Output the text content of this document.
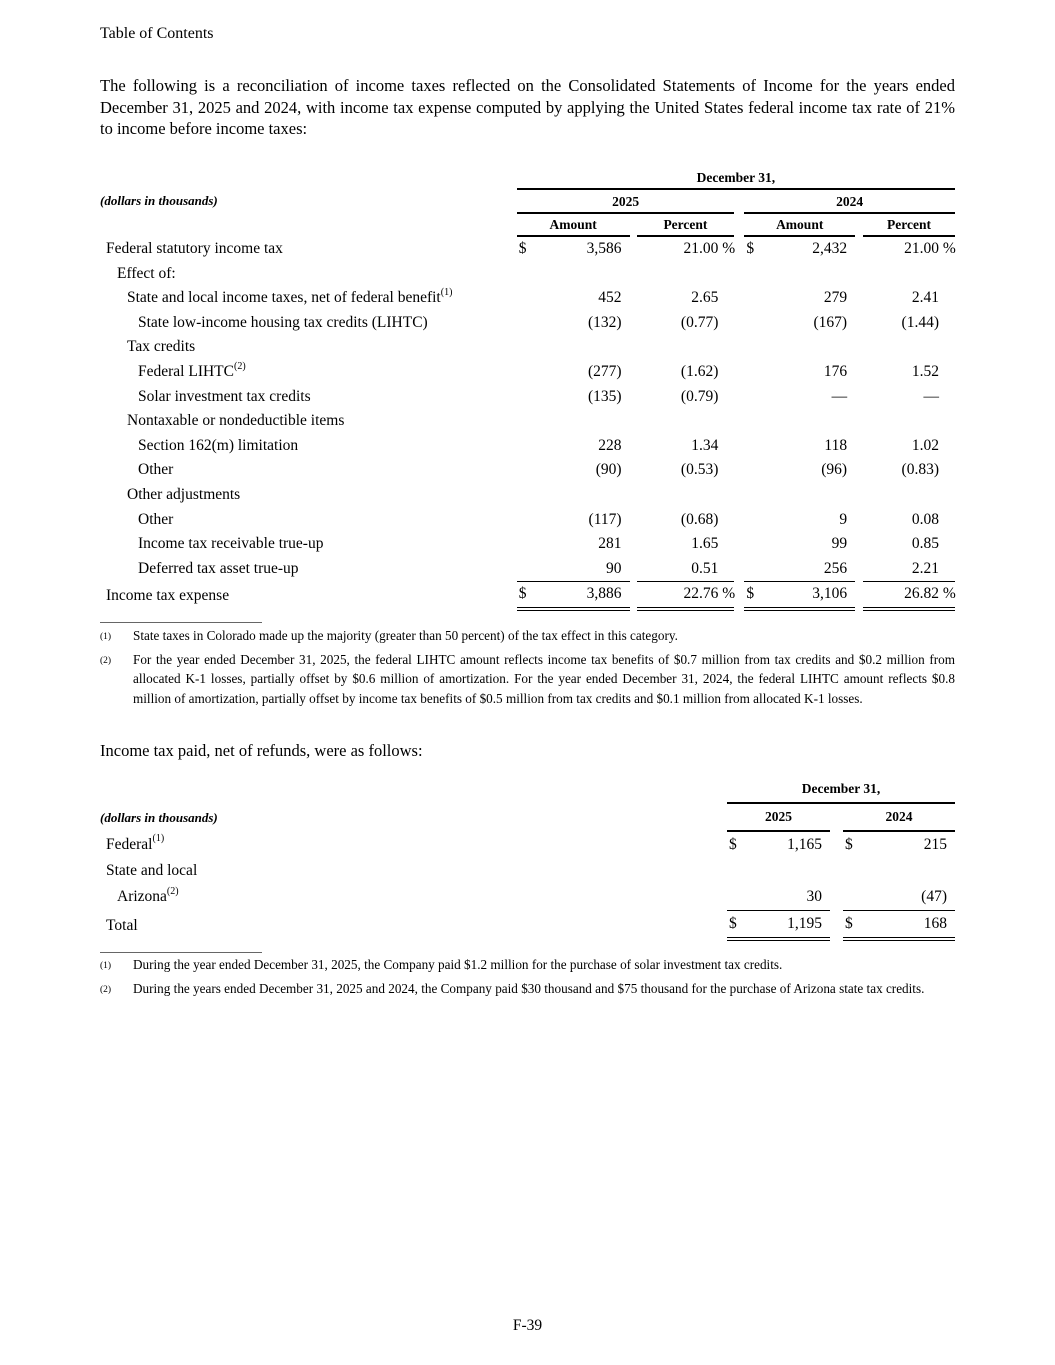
Table of Contents

The following is a reconciliation of income taxes reflected on the Consolidated Statements of Income for the years ended December 31, 2025 and 2024, with income tax expense computed by applying the United States federal income tax rate of 21% to income before income taxes:

	December 31,								
(dollars in thousands)	2025					2024			
	Amount			Percent		Amount			Percent
Federal statutory income tax	$	3,586		21.00 %		$	2,432		21.00 %
Effect of:									
State and local income taxes, net of federal benefit$^{(1)}$		452		2.65			279		2.41
State low-income housing tax credits (LIHTC)		(132)		(0.77)			(167)		(1.44)
Tax credits									
Federal LIHTC$^{(2)}$		(277)		(1.62)			176		1.52
Solar investment tax credits		(135)		(0.79)			—		—
Nontaxable or nondeductible items									
Section 162(m) limitation		228		1.34			118		1.02
Other		(90)		(0.53)			(96)		(0.83)
Other adjustments									
Other		(117)		(0.68)			9		0.08
Income tax receivable true-up		281		1.65			99		0.85
Deferred tax asset true-up		90		0.51			256		2.21
Income tax expense	$	3,886		22.76 %		$	3,106		26.82 %
(1)	State taxes in Colorado made up the majority (greater than 50 percent) of the tax effect in this category.
(2)	For the year ended December 31, 2025, the federal LIHTC amount reflects income tax benefits of $0.7 million from tax credits and $0.2 million from allocated K-1 losses, partially offset by $0.6 million of amortization. For the year ended December 31, 2024, the federal LIHTC amount reflects $0.8 million of amortization, partially offset by income tax benefits of $0.5 million from tax credits and $0.1 million from allocated K-1 losses.

Income tax paid, net of refunds, were as follows:

	December 31,				
(dollars in thousands)	2025			2024	
Federal$^{(1)}$	$	1,165		$	215
State and local					
Arizona$^{(2)}$		30			(47)
Total	$	1,195		$	168
(1)	During the year ended December 31, 2025, the Company paid $1.2 million for the purchase of solar investment tax credits.
(2)	During the years ended December 31, 2025 and 2024, the Company paid $30 thousand and $75 thousand for the purchase of Arizona state tax credits.
F-39
